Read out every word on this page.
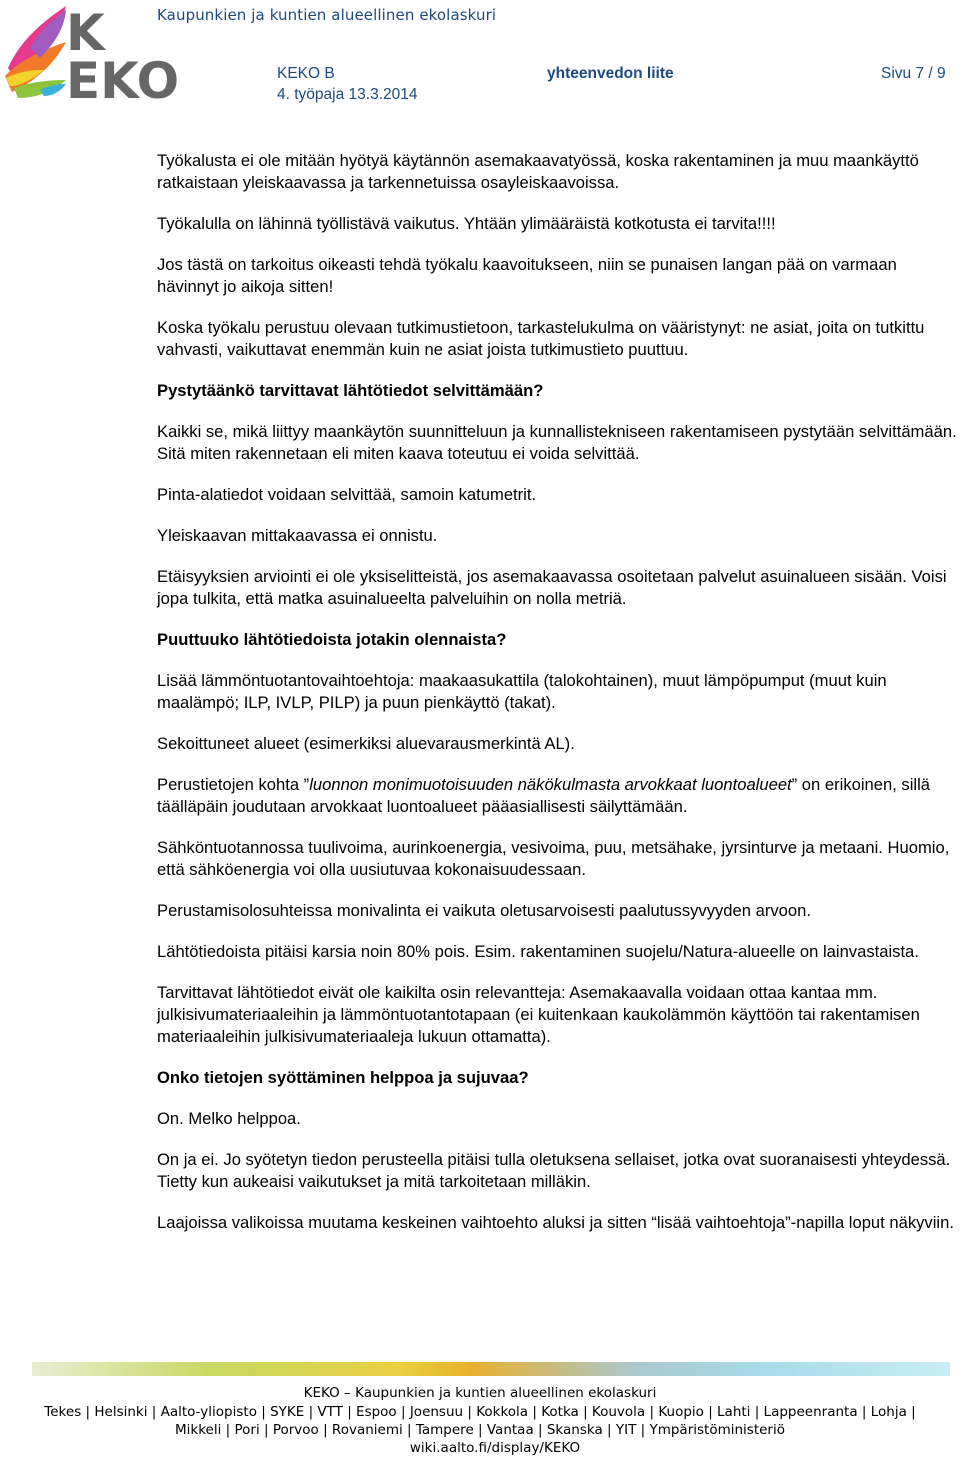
K
EKO
Kaupunkien ja kuntien alueellinen ekolaskuri
KEKO B	yhteenvedon liite	Sivu 7 / 9
4. työpaja 13.3.2014

Työkalusta ei ole mitään hyötyä käytännön asemakaavatyössä, koska rakentaminen ja muu maankäyttö ratkaistaan yleiskaavassa ja tarkennetuissa osayleiskaavoissa.

Työkalulla on lähinnä työllistävä vaikutus. Yhtään ylimääräistä kotkotusta ei tarvita!!!!

Jos tästä on tarkoitus oikeasti tehdä työkalu kaavoitukseen, niin se punaisen langan pää on varmaan hävinnyt jo aikoja sitten!

Koska työkalu perustuu olevaan tutkimustietoon, tarkastelukulma on vääristynyt: ne asiat, joita on tutkittu vahvasti, vaikuttavat enemmän kuin ne asiat joista tutkimustieto puuttuu.

Pystytäänkö tarvittavat lähtötiedot selvittämään?

Kaikki se, mikä liittyy maankäytön suunnitteluun ja kunnallistekniseen rakentamiseen pystytään selvittämään. Sitä miten rakennetaan eli miten kaava toteutuu ei voida selvittää.

Pinta-alatiedot voidaan selvittää, samoin katumetrit.

Yleiskaavan mittakaavassa ei onnistu.

Etäisyyksien arviointi ei ole yksiselitteistä, jos asemakaavassa osoitetaan palvelut asuinalueen sisään. Voisi jopa tulkita, että matka asuinalueelta palveluihin on nolla metriä.

Puuttuuko lähtötiedoista jotakin olennaista?

Lisää lämmöntuotantovaihtoehtoja: maakaasukattila (talokohtainen), muut lämpöpumput (muut kuin maalämpö; ILP, IVLP, PILP) ja puun pienkäyttö (takat).

Sekoittuneet alueet (esimerkiksi aluevarausmerkintä AL).

Perustietojen kohta ”luonnon monimuotoisuuden näkökulmasta arvokkaat luontoalueet” on erikoinen, sillä täälläpäin joudutaan arvokkaat luontoalueet pääasiallisesti säilyttämään.

Sähköntuotannossa tuulivoima, aurinkoenergia, vesivoima, puu, metsähake, jyrsinturve ja metaani. Huomio, että sähköenergia voi olla uusiutuvaa kokonaisuudessaan.

Perustamisolosuhteissa monivalinta ei vaikuta oletusarvoisesti paalutussyvyyden arvoon.

Lähtötiedoista pitäisi karsia noin 80% pois. Esim. rakentaminen suojelu/Natura-alueelle on lainvastaista.

Tarvittavat lähtötiedot eivät ole kaikilta osin relevantteja: Asemakaavalla voidaan ottaa kantaa mm. julkisivumateriaaleihin ja lämmöntuotantotapaan (ei kuitenkaan kaukolämmön käyttöön tai rakentamisen materiaaleihin julkisivumateriaaleja lukuun ottamatta).

Onko tietojen syöttäminen helppoa ja sujuvaa?

On. Melko helppoa.

On ja ei. Jo syötetyn tiedon perusteella pitäisi tulla oletuksena sellaiset, jotka ovat suoranaisesti yhteydessä. Tietty kun aukeaisi vaikutukset ja mitä tarkoitetaan milläkin.

Laajoissa valikoissa muutama keskeinen vaihtoehto aluksi ja sitten “lisää vaihtoehtoja”-napilla loput näkyviin.

KEKO – Kaupunkien ja kuntien alueellinen ekolaskuri
Tekes | Helsinki | Aalto-yliopisto | SYKE | VTT | Espoo | Joensuu | Kokkola | Kotka | Kouvola | Kuopio | Lahti | Lappeenranta | Lohja |
Mikkeli | Pori | Porvoo | Rovaniemi | Tampere | Vantaa | Skanska | YIT | Ympäristöministeriö
wiki.aalto.fi/display/KEKO
